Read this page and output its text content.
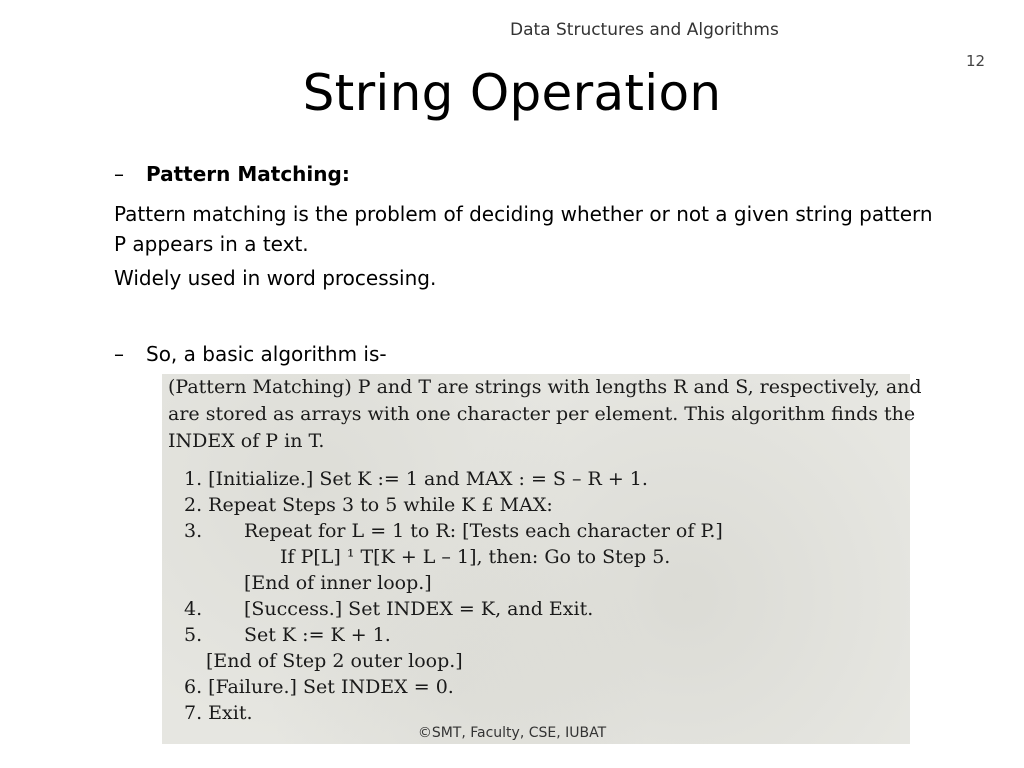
Data Structures and Algorithms
12
String Operation
– Pattern Matching:
Pattern matching is the problem of deciding whether or not a given string pattern
P appears in a text.
Widely used in word processing.
– So, a basic algorithm is-
(Pattern Matching) P and T are strings with lengths R and S, respectively, and
are stored as arrays with one character per element. This algorithm finds the
INDEX of P in T.
1. [Initialize.] Set K := 1 and MAX : = S – R + 1.
2. Repeat Steps 3 to 5 while K £ MAX:
3. Repeat for L = 1 to R: [Tests each character of P.]
If P[L] ¹ T[K + L – 1], then: Go to Step 5.
[End of inner loop.]
4. [Success.] Set INDEX = K, and Exit.
5. Set K := K + 1.
[End of Step 2 outer loop.]
6. [Failure.] Set INDEX = 0.
7. Exit.
©SMT, Faculty, CSE, IUBAT
